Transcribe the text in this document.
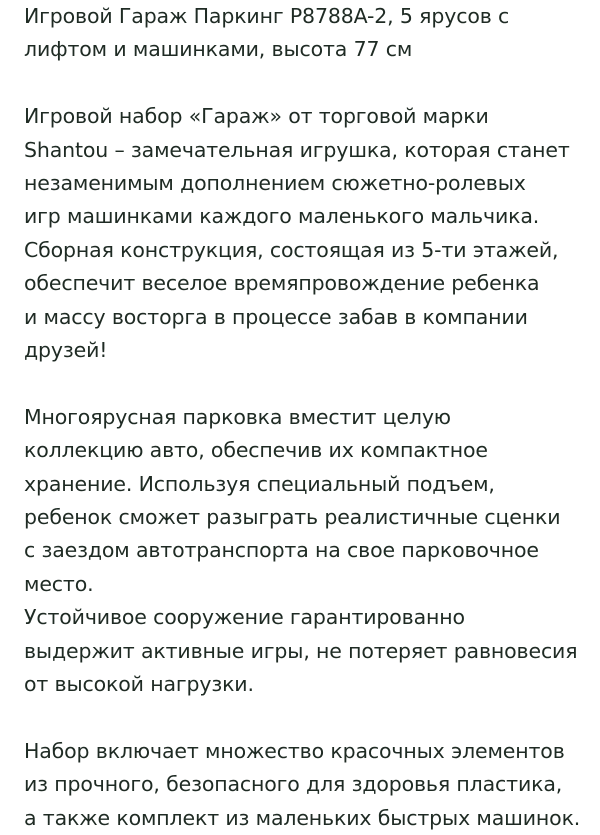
Игровой Гараж Паркинг P8788A-2, 5 ярусов с
лифтом и машинками, высота 77 см
Игровой набор «Гараж» от торговой марки
Shantou – замечательная игрушка, которая станет
незаменимым дополнением сюжетно-ролевых
игр машинками каждого маленького мальчика.
Сборная конструкция, состоящая из 5-ти этажей,
обеспечит веселое времяпровождение ребенка
и массу восторга в процессе забав в компании
друзей!
Многоярусная парковка вместит целую
коллекцию авто, обеспечив их компактное
хранение. Используя специальный подъем,
ребенок сможет разыграть реалистичные сценки
с заездом автотранспорта на свое парковочное
место.
Устойчивое сооружение гарантированно
выдержит активные игры, не потеряет равновесия
от высокой нагрузки.
Набор включает множество красочных элементов
из прочного, безопасного для здоровья пластика,
а также комплект из маленьких быстрых машинок.
